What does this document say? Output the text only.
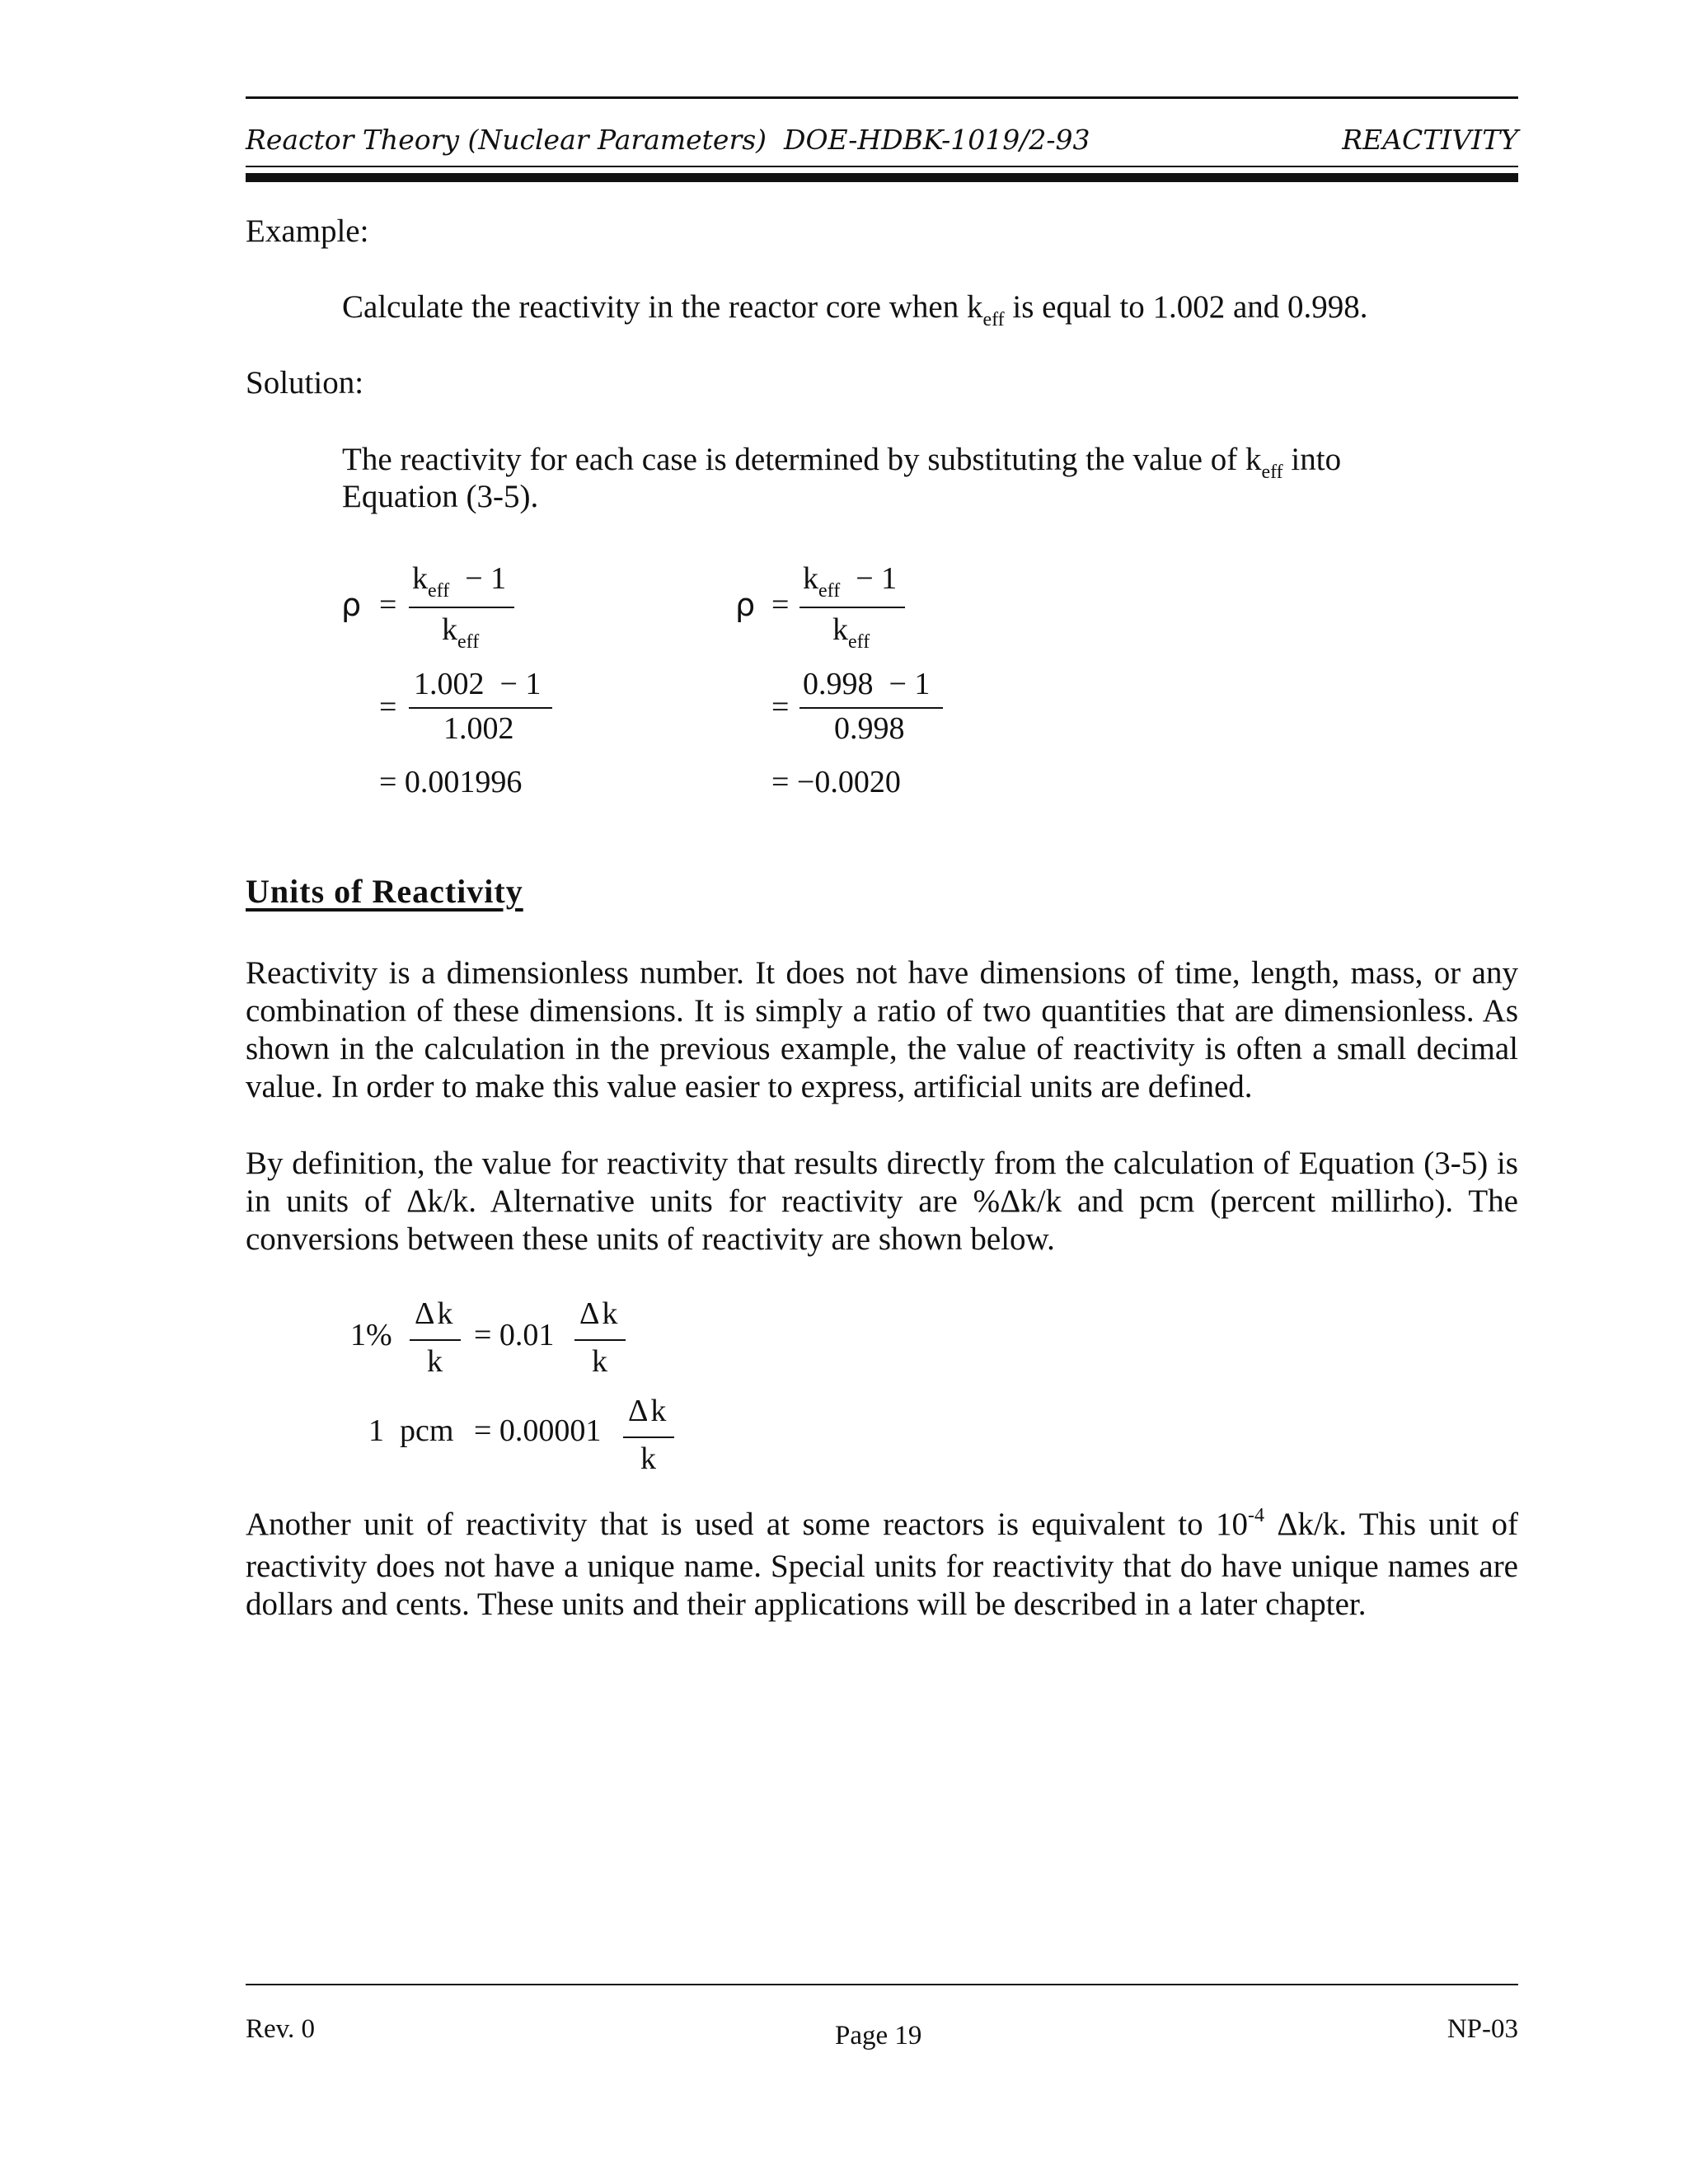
Reactor Theory (Nuclear Parameters) DOE-HDBK-1019/2-93	REACTIVITY
Example:
Calculate the reactivity in the reactor core when $k_{eff}$ is equal to 1.002 and 0.998.
Solution:
The reactivity for each case is determined by substituting the value of $k_{eff}$ into
Equation (3-5).
ρ =
$k_{eff} - 1$
$k_{eff}$
=
1.002 − 1
1.002
= 0.001996
ρ =
$k_{eff} - 1$
$k_{eff}$
=
0.998 − 1
0.998
= −0.0020
Units of Reactivity
Reactivity is a dimensionless number. It does not have dimensions of time, length, mass, or any combination of these dimensions. It is simply a ratio of two quantities that are dimensionless. As shown in the calculation in the previous example, the value of reactivity is often a small decimal value. In order to make this value easier to express, artificial units are defined.
By definition, the value for reactivity that results directly from the calculation of Equation (3-5) is in units of Δk/k. Alternative units for reactivity are %Δk/k and pcm (percent millirho). The conversions between these units of reactivity are shown below.
1%
Δk
k
= 0.01
Δk
k
1  pcm = 0.00001
Δk
k
Another unit of reactivity that is used at some reactors is equivalent to $10^{-4}$ Δk/k. This unit of reactivity does not have a unique name. Special units for reactivity that do have unique names are dollars and cents. These units and their applications will be described in a later chapter.
Rev. 0	Page 19	NP-03
